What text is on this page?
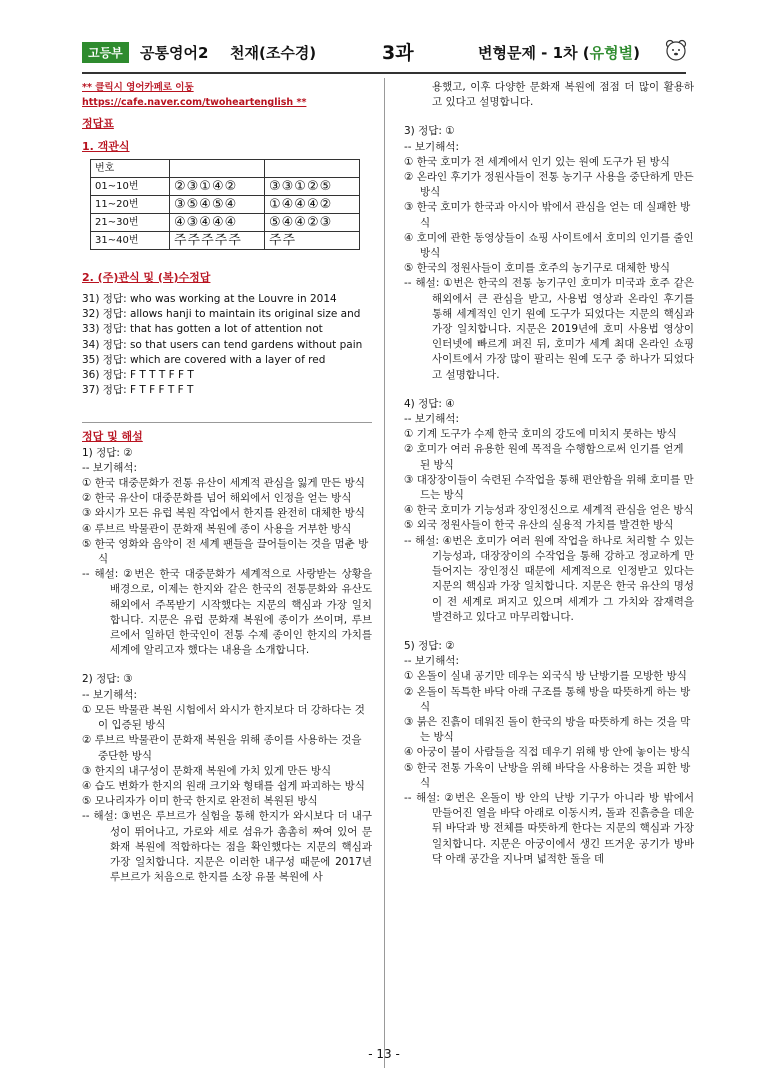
고등부	공통영어2 천재(조수경)	3과	변형문제 - 1차 (유형별)

** 클릭시 영어카페로 이동 https://cafe.naver.com/twoheartenglish **

정답표

1. 객관식

번호		
01~10번	②③①④②	③③①②⑤
11~20번	③⑤④⑤④	①④④④②
21~30번	④③④④④	⑤④④②③
31~40번	주주주주주	주주

2. (주)관식 및 (복)수정답

31) 정답: who was working at the Louvre in 2014

32) 정답: allows hanji to maintain its original size and

33) 정답: that has gotten a lot of attention not

34) 정답: so that users can tend gardens without pain

35) 정답: which are covered with a layer of red

36) 정답: F T T T F F T

37) 정답: F T F F T F T

정답 및 해설

1) 정답: ②

-- 보기해석:

① 한국 대중문화가 전통 유산이 세계적 관심을 잃게 만든 방식

② 한국 유산이 대중문화를 넘어 해외에서 인정을 얻는 방식

③ 와시가 모든 유럽 복원 작업에서 한지를 완전히 대체한 방식

④ 루브르 박물관이 문화재 복원에 종이 사용을 거부한 방식

⑤ 한국 영화와 음악이 전 세계 팬들을 끌어들이는 것을 멈춘 방식

-- 해설: ②번은 한국 대중문화가 세계적으로 사랑받는 상황을 배경으로, 이제는 한지와 같은 한국의 전통문화와 유산도 해외에서 주목받기 시작했다는 지문의 핵심과 가장 일치합니다. 지문은 유럽 문화재 복원에 종이가 쓰이며, 루브르에서 일하던 한국인이 전통 수제 종이인 한지의 가치를 세계에 알리고자 했다는 내용을 소개합니다.

2) 정답: ③

-- 보기해석:

① 모든 박물관 복원 시험에서 와시가 한지보다 더 강하다는 것이 입증된 방식

② 루브르 박물관이 문화재 복원을 위해 종이를 사용하는 것을 중단한 방식

③ 한지의 내구성이 문화재 복원에 가치 있게 만든 방식

④ 습도 변화가 한지의 원래 크기와 형태를 쉽게 파괴하는 방식

⑤ 모나리자가 이미 한국 한지로 완전히 복원된 방식

-- 해설: ③번은 루브르가 실험을 통해 한지가 와시보다 더 내구성이 뛰어나고, 가로와 세로 섬유가 촘촘히 짜여 있어 문화재 복원에 적합하다는 점을 확인했다는 지문의 핵심과 가장 일치합니다. 지문은 이러한 내구성 때문에 2017년 루브르가 처음으로 한지를 소장 유물 복원에 사

용했고, 이후 다양한 문화재 복원에 점점 더 많이 활용하고 있다고 설명합니다.

3) 정답: ①

-- 보기해석:

① 한국 호미가 전 세계에서 인기 있는 원예 도구가 된 방식

② 온라인 후기가 정원사들이 전통 농기구 사용을 중단하게 만든 방식

③ 한국 호미가 한국과 아시아 밖에서 관심을 얻는 데 실패한 방식

④ 호미에 관한 동영상들이 쇼핑 사이트에서 호미의 인기를 줄인 방식

⑤ 한국의 정원사들이 호미를 호주의 농기구로 대체한 방식

-- 해설: ①번은 한국의 전통 농기구인 호미가 미국과 호주 같은 해외에서 큰 관심을 받고, 사용법 영상과 온라인 후기를 통해 세계적인 인기 원예 도구가 되었다는 지문의 핵심과 가장 일치합니다. 지문은 2019년에 호미 사용법 영상이 인터넷에 빠르게 퍼진 뒤, 호미가 세계 최대 온라인 쇼핑 사이트에서 가장 많이 팔리는 원예 도구 중 하나가 되었다고 설명합니다.

4) 정답: ④

-- 보기해석:

① 기계 도구가 수제 한국 호미의 강도에 미치지 못하는 방식

② 호미가 여러 유용한 원예 목적을 수행함으로써 인기를 얻게 된 방식

③ 대장장이들이 숙련된 수작업을 통해 편안함을 위해 호미를 만드는 방식

④ 한국 호미가 기능성과 장인정신으로 세계적 관심을 얻은 방식

⑤ 외국 정원사들이 한국 유산의 실용적 가치를 발견한 방식

-- 해설: ④번은 호미가 여러 원예 작업을 하나로 처리할 수 있는 기능성과, 대장장이의 수작업을 통해 강하고 정교하게 만들어지는 장인정신 때문에 세계적으로 인정받고 있다는 지문의 핵심과 가장 일치합니다. 지문은 한국 유산의 명성이 전 세계로 퍼지고 있으며 세계가 그 가치와 잠재력을 발견하고 있다고 마무리합니다.

5) 정답: ②

-- 보기해석:

① 온돌이 실내 공기만 데우는 외국식 방 난방기를 모방한 방식

② 온돌이 독특한 바닥 아래 구조를 통해 방을 따뜻하게 하는 방식

③ 붉은 진흙이 데워진 돌이 한국의 방을 따뜻하게 하는 것을 막는 방식

④ 아궁이 불이 사람들을 직접 데우기 위해 방 안에 놓이는 방식

⑤ 한국 전통 가옥이 난방을 위해 바닥을 사용하는 것을 피한 방식

-- 해설: ②번은 온돌이 방 안의 난방 기구가 아니라 방 밖에서 만들어진 열을 바닥 아래로 이동시켜, 돌과 진흙층을 데운 뒤 바닥과 방 전체를 따뜻하게 한다는 지문의 핵심과 가장 일치합니다. 지문은 아궁이에서 생긴 뜨거운 공기가 방바닥 아래 공간을 지나며 넓적한 돌을 데

- 13 -
